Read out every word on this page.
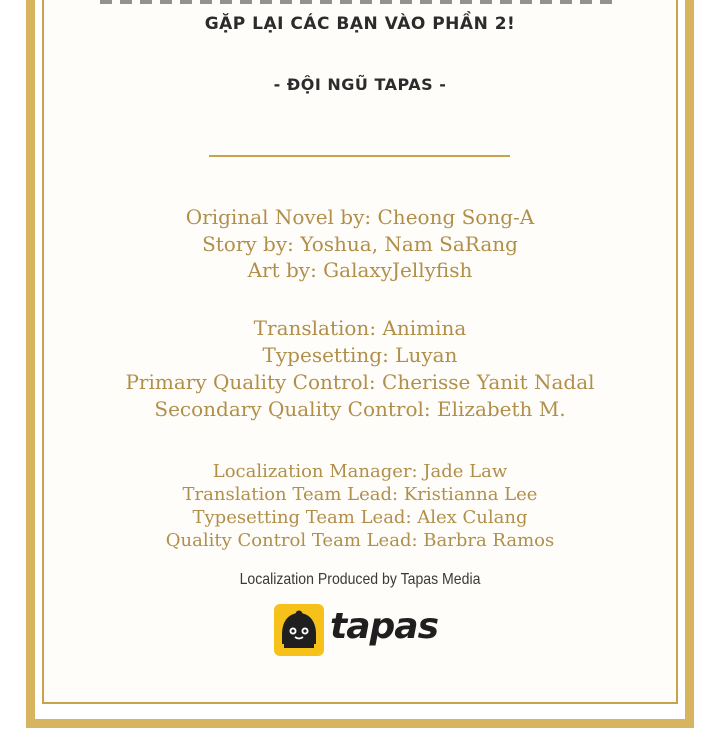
GẶP LẠI CÁC BẠN VÀO PHẦN 2!
- ĐỘI NGŨ TAPAS -
Original Novel by: Cheong Song-A
Story by: Yoshua, Nam SaRang
Art by: GalaxyJellyfish
Translation: Animina
Typesetting: Luyan
Primary Quality Control: Cherisse Yanit Nadal
Secondary Quality Control: Elizabeth M.
Localization Manager: Jade Law
Translation Team Lead: Kristianna Lee
Typesetting Team Lead: Alex Culang
Quality Control Team Lead: Barbra Ramos
Localization Produced by Tapas Media
tapas
